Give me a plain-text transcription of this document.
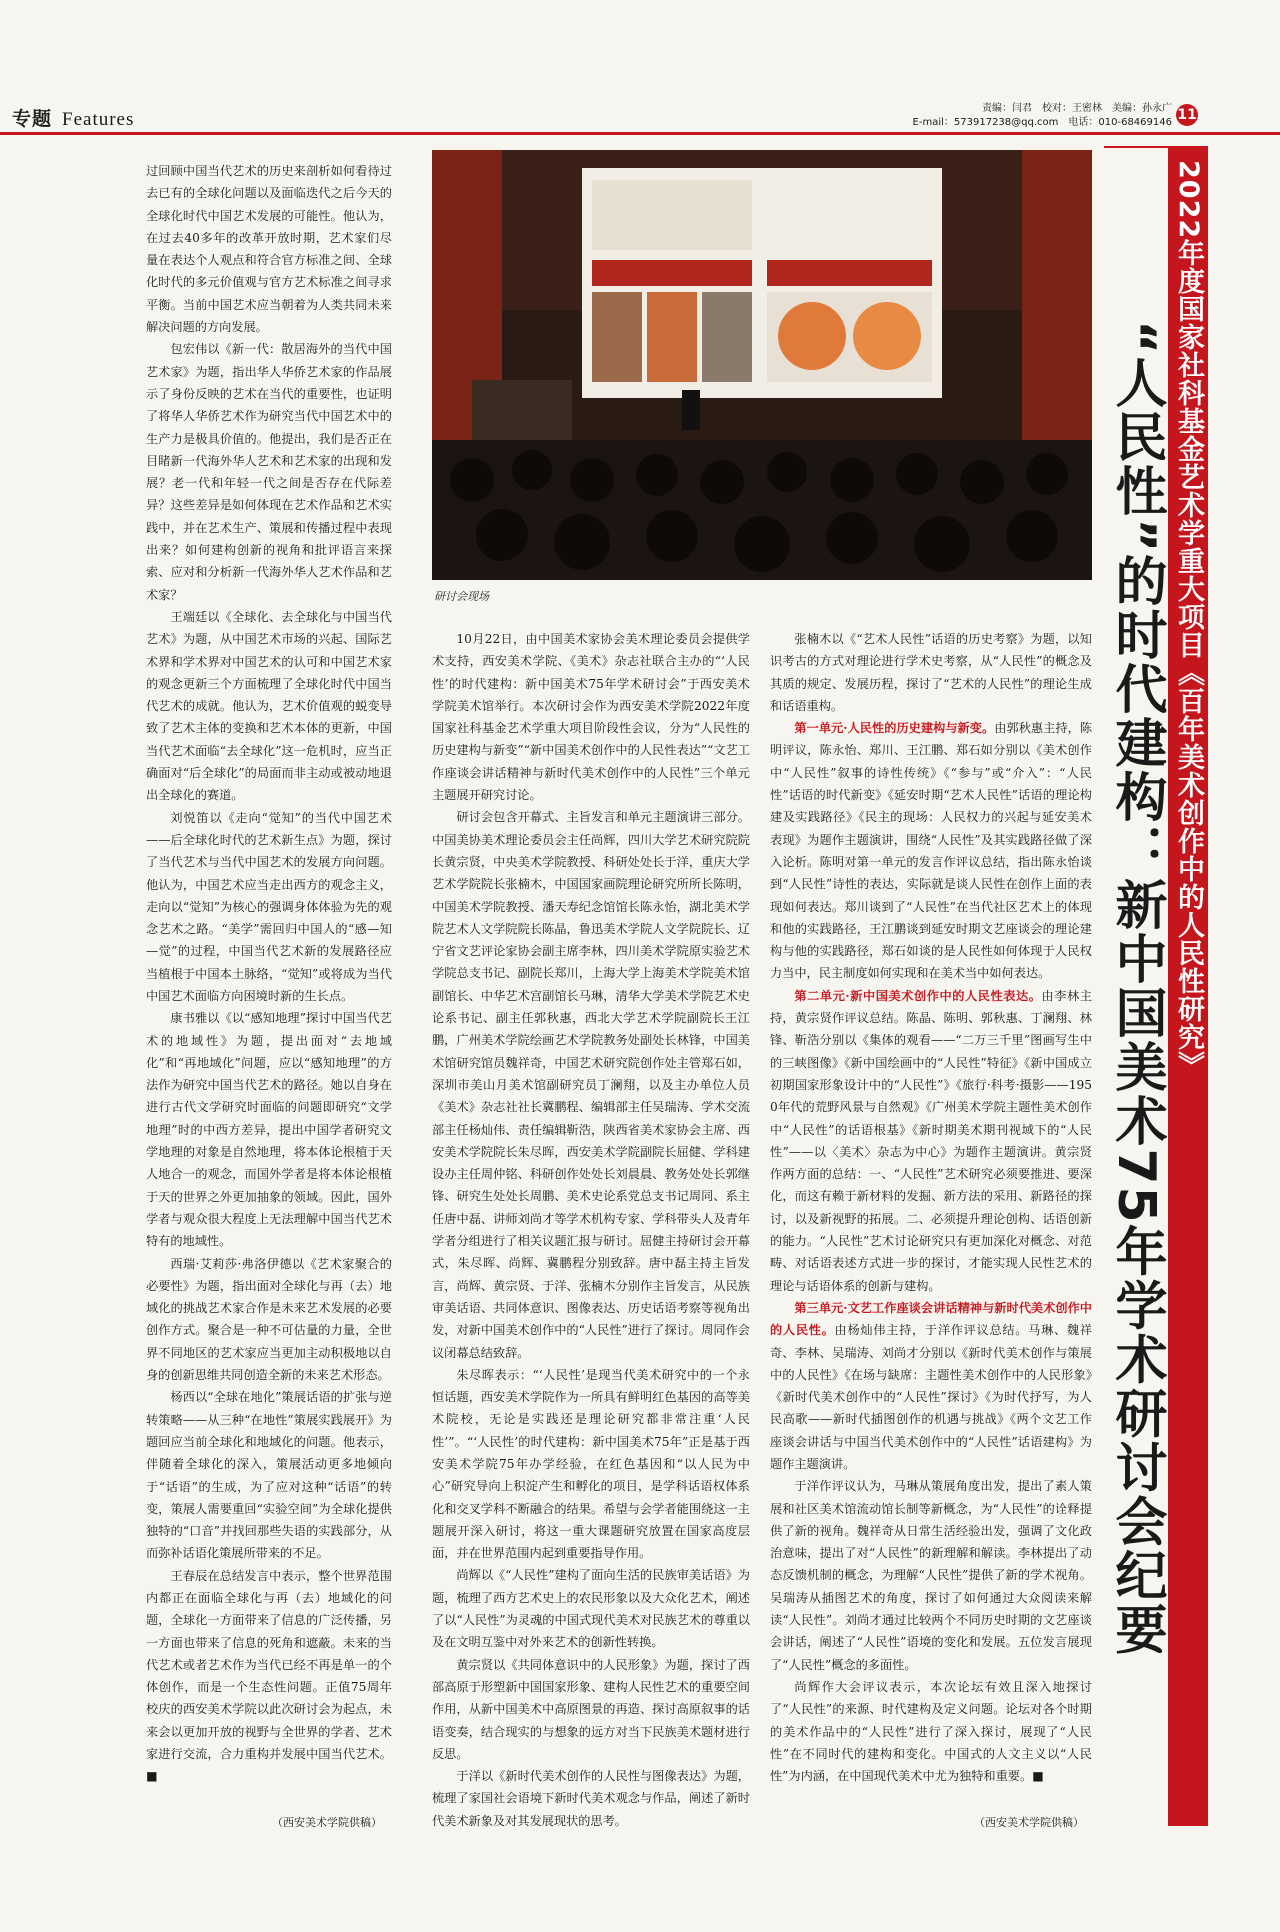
专题 Features
责编：闫君　校对：王密林　美编：孙永广
E-mail：573917238@qq.com　电话：010-68469146 11

过回顾中国当代艺术的历史来剖析如何看待过去已有的全球化问题以及面临迭代之后今天的全球化时代中国艺术发展的可能性。他认为，在过去40多年的改革开放时期，艺术家们尽量在表达个人观点和符合官方标准之间、全球化时代的多元价值观与官方艺术标准之间寻求平衡。当前中国艺术应当朝着为人类共同未来解决问题的方向发展。

包宏伟以《新一代：散居海外的当代中国艺术家》为题，指出华人华侨艺术家的作品展示了身份反映的艺术在当代的重要性，也证明了将华人华侨艺术作为研究当代中国艺术中的生产力是极具价值的。他提出，我们是否正在目睹新一代海外华人艺术和艺术家的出现和发展？老一代和年轻一代之间是否存在代际差异？这些差异是如何体现在艺术作品和艺术实践中，并在艺术生产、策展和传播过程中表现出来？如何建构创新的视角和批评语言来探索、应对和分析新一代海外华人艺术作品和艺术家？

王端廷以《全球化、去全球化与中国当代艺术》为题，从中国艺术市场的兴起、国际艺术界和学术界对中国艺术的认可和中国艺术家的观念更新三个方面梳理了全球化时代中国当代艺术的成就。他认为，艺术价值观的蜕变导致了艺术主体的变换和艺术本体的更新，中国当代艺术面临“去全球化”这一危机时，应当正确面对“后全球化”的局面而非主动或被动地退出全球化的赛道。

刘悦笛以《走向“觉知”的当代中国艺术——后全球化时代的艺术新生点》为题，探讨了当代艺术与当代中国艺术的发展方向问题。他认为，中国艺术应当走出西方的观念主义，走向以“觉知”为核心的强调身体体验为先的观念艺术之路。“美学”需回归中国人的“感—知—觉”的过程，中国当代艺术新的发展路径应当植根于中国本土脉络，“觉知”或将成为当代中国艺术面临方向困境时新的生长点。

康书雅以《以“感知地理”探讨中国当代艺术的地域性》为题，提出面对“去地域化”和“再地域化”问题，应以“感知地理”的方法作为研究中国当代艺术的路径。她以自身在进行古代文学研究时面临的问题即研究“文学地理”时的中西方差异，提出中国学者研究文学地理的对象是自然地理，将本体论根植于天人地合一的观念，而国外学者是将本体论根植于天的世界之外更加抽象的领域。因此，国外学者与观众很大程度上无法理解中国当代艺术特有的地域性。

西瑞·艾莉莎·弗洛伊德以《艺术家聚合的必要性》为题，指出面对全球化与再（去）地域化的挑战艺术家合作是未来艺术发展的必要创作方式。聚合是一种不可估量的力量，全世界不同地区的艺术家应当更加主动积极地以自身的创新思维共同创造全新的未来艺术形态。

杨西以“全球在地化”策展话语的扩张与逆转策略——从三种“在地性”策展实践展开》为题回应当前全球化和地域化的问题。他表示，伴随着全球化的深入，策展活动更多地倾向于“话语”的生成，为了应对这种“话语”的转变，策展人需要重回“实验空间”为全球化提供独特的“口音”并找回那些失语的实践部分，从而弥补话语化策展所带来的不足。

王春辰在总结发言中表示，整个世界范围内都正在面临全球化与再（去）地域化的问题，全球化一方面带来了信息的广泛传播，另一方面也带来了信息的死角和遮蔽。未来的当代艺术或者艺术作为当代已经不再是单一的个体创作，而是一个生态性问题。正值75周年校庆的西安美术学院以此次研讨会为起点，未来会以更加开放的视野与全世界的学者、艺术家进行交流，合力重构并发展中国当代艺术。■

（西安美术学院供稿）
研讨会现场

10月22日，由中国美术家协会美术理论委员会提供学术支持，西安美术学院、《美术》杂志社联合主办的“‘人民性’的时代建构：新中国美术75年学术研讨会”于西安美术学院美术馆举行。本次研讨会作为西安美术学院2022年度国家社科基金艺术学重大项目阶段性会议，分为“人民性的历史建构与新变”“新中国美术创作中的人民性表达”“文艺工作座谈会讲话精神与新时代美术创作中的人民性”三个单元主题展开研究讨论。

研讨会包含开幕式、主旨发言和单元主题演讲三部分。中国美协美术理论委员会主任尚辉，四川大学艺术研究院院长黄宗贤，中央美术学院教授、科研处处长于洋，重庆大学艺术学院院长张楠木，中国国家画院理论研究所所长陈明，中国美术学院教授、潘天寿纪念馆馆长陈永怡，湖北美术学院艺术人文学院院长陈晶，鲁迅美术学院人文学院院长、辽宁省文艺评论家协会副主席李林，四川美术学院原实验艺术学院总支书记、副院长郑川，上海大学上海美术学院美术馆副馆长、中华艺术宫副馆长马琳，清华大学美术学院艺术史论系书记、副主任郭秋惠，西北大学艺术学院副院长王江鹏，广州美术学院绘画艺术学院教务处副处长林锋，中国美术馆研究馆员魏祥奇，中国艺术研究院创作处主管郑石如，深圳市美山月美术馆副研究员丁澜翔，以及主办单位人员《美术》杂志社社长冀鹏程、编辑部主任吴瑞涛、学术交流部主任杨灿伟、责任编辑靳浩，陕西省美术家协会主席、西安美术学院院长朱尽晖，西安美术学院副院长屈健、学科建设办主任周仲铭、科研创作处处长刘晨晨、教务处处长郭继锋、研究生处处长周鹏、美术史论系党总支书记周同、系主任唐中磊、讲师刘尚才等学术机构专家、学科带头人及青年学者分组进行了相关议题汇报与研讨。屈健主持研讨会开幕式，朱尽晖、尚辉、冀鹏程分别致辞。唐中磊主持主旨发言，尚辉、黄宗贤、于洋、张楠木分别作主旨发言，从民族审美话语、共同体意识、图像表达、历史话语考察等视角出发，对新中国美术创作中的“人民性”进行了探讨。周同作会议闭幕总结致辞。

朱尽晖表示：“‘人民性’是现当代美术研究中的一个永恒话题，西安美术学院作为一所具有鲜明红色基因的高等美术院校，无论是实践还是理论研究都非常注重‘人民性’”。“‘人民性’的时代建构：新中国美术75年”正是基于西安美术学院75年办学经验，在红色基因和“以人民为中心”研究导向上积淀产生和孵化的项目，是学科话语权体系化和交叉学科不断融合的结果。希望与会学者能围绕这一主题展开深入研讨，将这一重大课题研究放置在国家高度层面，并在世界范围内起到重要指导作用。

尚辉以《“人民性”建构了面向生活的民族审美话语》为题，梳理了西方艺术史上的农民形象以及大众化艺术，阐述了以“人民性”为灵魂的中国式现代美术对民族艺术的尊重以及在文明互鉴中对外来艺术的创新性转换。

黄宗贤以《共同体意识中的人民形象》为题，探讨了西部高原于形塑新中国国家形象、建构人民性艺术的重要空间作用，从新中国美术中高原图景的再造、探讨高原叙事的话语变奏，结合现实的与想象的远方对当下民族美术题材进行反思。

于洋以《新时代美术创作的人民性与图像表达》为题，梳理了家国社会语境下新时代美术观念与作品，阐述了新时代美术新象及对其发展现状的思考。

张楠木以《“艺术人民性”话语的历史考察》为题，以知识考古的方式对理论进行学术史考察，从“人民性”的概念及其质的规定、发展历程，探讨了“艺术的人民性”的理论生成和话语重构。

第一单元·人民性的历史建构与新变。由郭秋惠主持，陈明评议，陈永怡、郑川、王江鹏、郑石如分别以《美术创作中“人民性”叙事的诗性传统》《“参与”或“介入”：“人民性”话语的时代新变》《延安时期“艺术人民性”话语的理论构建及实践路径》《民主的现场：人民权力的兴起与延安美术表现》为题作主题演讲，围绕“人民性”及其实践路径做了深入论析。陈明对第一单元的发言作评议总结，指出陈永怡谈到“人民性”诗性的表达，实际就是谈人民性在创作上面的表现如何表达。郑川谈到了“人民性”在当代社区艺术上的体现和他的实践路径，王江鹏谈到延安时期文艺座谈会的理论建构与他的实践路径，郑石如谈的是人民性如何体现于人民权力当中，民主制度如何实现和在美术当中如何表达。

第二单元·新中国美术创作中的人民性表达。由李林主持，黄宗贤作评议总结。陈晶、陈明、郭秋惠、丁澜翔、林锋、靳浩分别以《集体的观看——“二万三千里”图画写生中的三峡图像》《新中国绘画中的“人民性”特征》《新中国成立初期国家形象设计中的“人民性”》《旅行·科考·摄影——1950年代的荒野风景与自然观》《广州美术学院主题性美术创作中“人民性”的话语根基》《新时期美术期刊视域下的“人民性”——以〈美术〉杂志为中心》为题作主题演讲。黄宗贤作两方面的总结：一、“人民性”艺术研究必须要推进、要深化，而这有赖于新材料的发掘、新方法的采用、新路径的探讨，以及新视野的拓展。二、必须提升理论创构、话语创新的能力。“人民性”艺术讨论研究只有更加深化对概念、对范畴、对话语表述方式进一步的探讨，才能实现人民性艺术的理论与话语体系的创新与建构。

第三单元·文艺工作座谈会讲话精神与新时代美术创作中的人民性。由杨灿伟主持，于洋作评议总结。马琳、魏祥奇、李林、吴瑞涛、刘尚才分别以《新时代美术创作与策展中的人民性》《在场与缺席：主题性美术创作中的人民形象》《新时代美术创作中的“人民性”探讨》《为时代抒写，为人民高歌——新时代插图创作的机遇与挑战》《两个文艺工作座谈会讲话与中国当代美术创作中的“人民性”话语建构》为题作主题演讲。

于洋作评议认为，马琳从策展角度出发，提出了素人策展和社区美术馆流动馆长制等新概念，为“人民性”的诠释提供了新的视角。魏祥奇从日常生活经验出发，强调了文化政治意味，提出了对“人民性”的新理解和解读。李林提出了动态反馈机制的概念，为理解“人民性”提供了新的学术视角。吴瑞涛从插图艺术的角度，探讨了如何通过大众阅读来解读“人民性”。刘尚才通过比较两个不同历史时期的文艺座谈会讲话，阐述了“人民性”语境的变化和发展。五位发言展现了“人民性”概念的多面性。

尚辉作大会评议表示，本次论坛有效且深入地探讨了“人民性”的来源、时代建构及定义问题。论坛对各个时期的美术作品中的“人民性”进行了深入探讨，展现了“人民性”在不同时代的建构和变化。中国式的人文主义以“人民性”为内涵，在中国现代美术中尤为独特和重要。■

（西安美术学院供稿）
“人民性”的时代建构：新中国美术75年学术研讨会纪要 2022年度国家社科基金艺术学重大项目《百年美术创作中的人民性研究》
